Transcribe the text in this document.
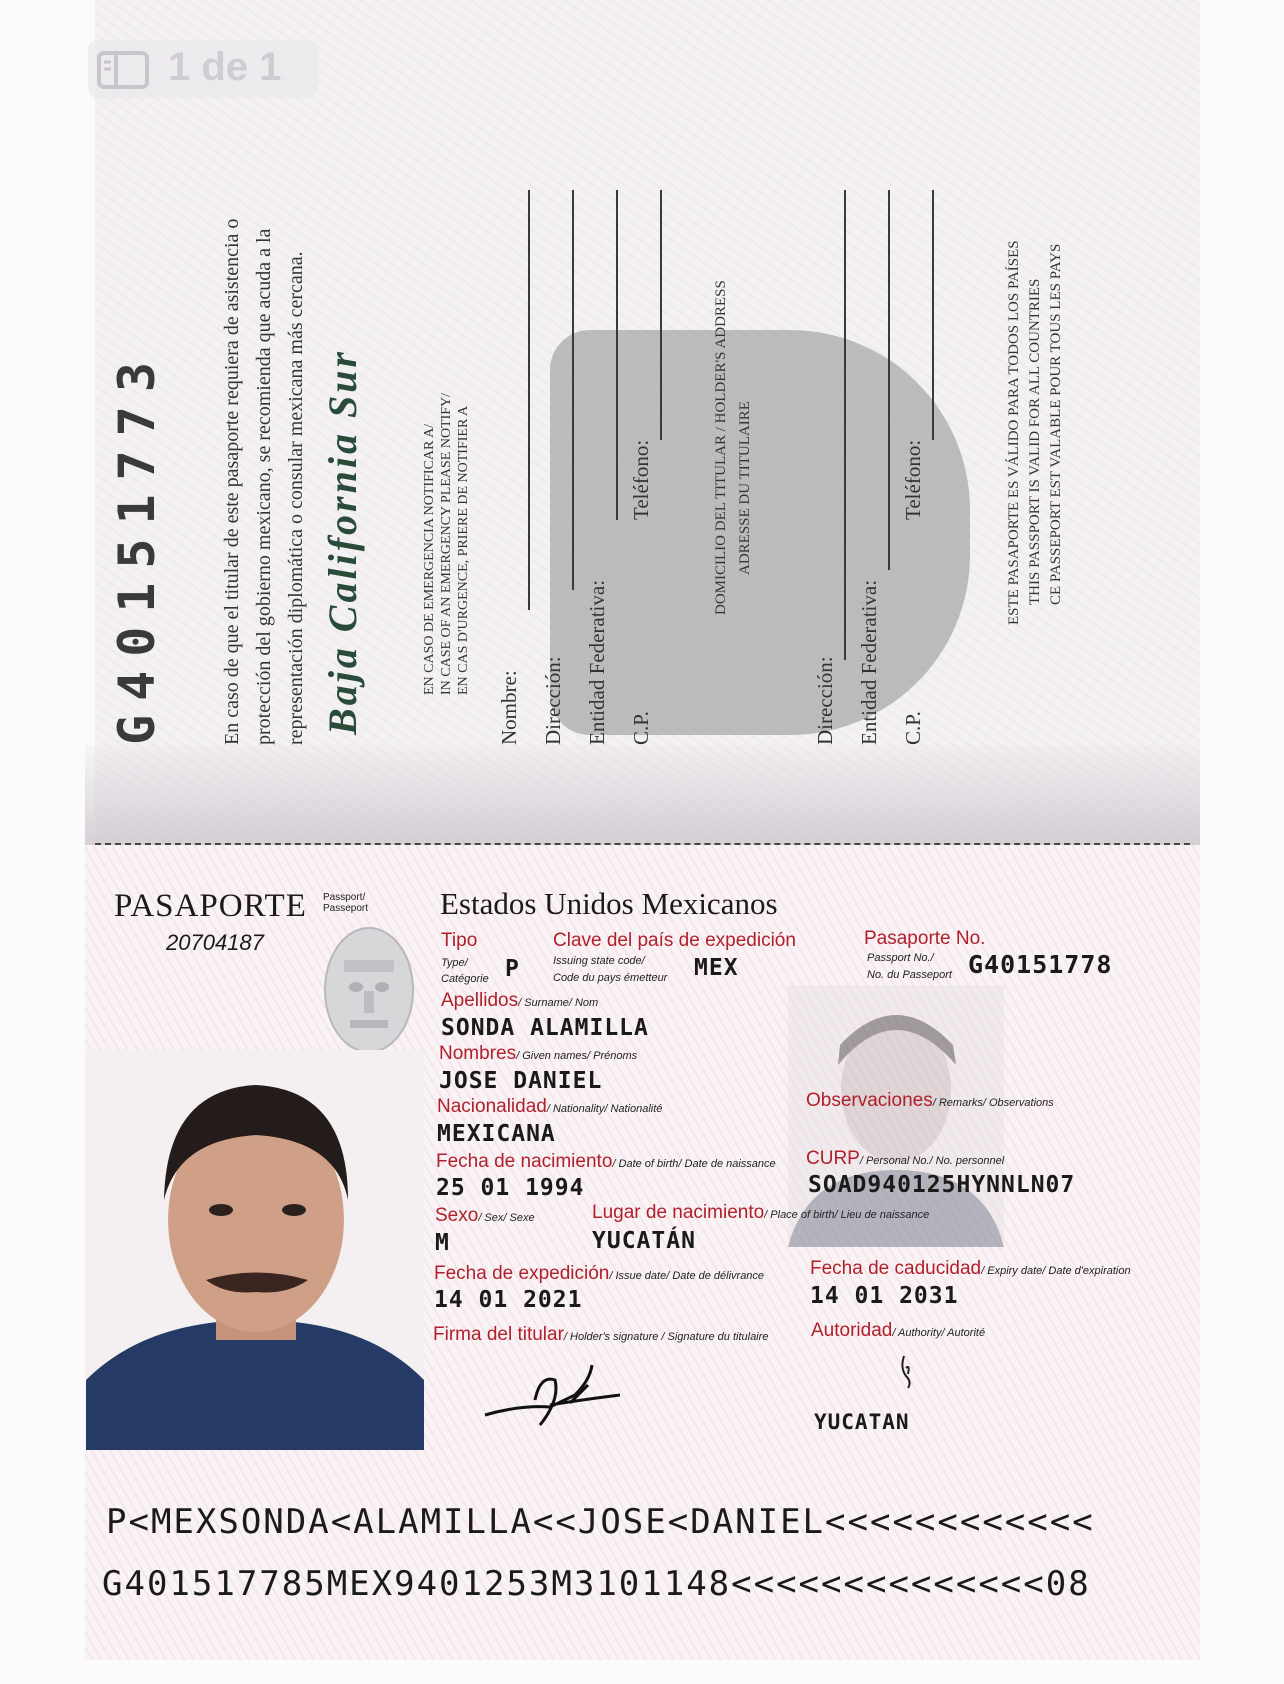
G40151773	En caso de que el titular de este pasaporte requiera de asistencia o protección del gobierno mexicano, se recomienda que acuda a la representación diplomática o consular mexicana más cercana. Baja California Sur	EN CASO DE EMERGENCIA NOTIFICAR A/ IN CASE OF AN EMERGENCY PLEASE NOTIFY/ EN CAS D'URGENCE, PRIERE DE NOTIFIER A
Nombre: Dirección: Entidad Federativa: C.P.
Teléfono:	DOMICILIO DEL TITULAR / HOLDER'S ADDRESS ADRESSE DU TITULAIRE
Dirección: Entidad Federativa: C.P.
Teléfono:	ESTE PASAPORTE ES VÁLIDO PARA TODOS LOS PAÍSES THIS PASSPORT IS VALID FOR ALL COUNTRIES CE PASSEPORT EST VALABLE POUR TOUS LES PAYS
PASAPORTE Passport/
Passeport
20704187
Estados Unidos Mexicanos
Tipo
Type/
Catégorie P
Clave del país de expedición
Issuing state code/
Code du pays émetteur MEX
Pasaporte No.
Passport No./
No. du Passeport G40151778
Apellidos/ Surname/ Nom
SONDA ALAMILLA
Nombres/ Given names/ Prénoms
JOSE DANIEL
Nacionalidad/ Nationality/ Nationalité
MEXICANA
Observaciones/ Remarks/ Observations
Fecha de nacimiento/ Date of birth/ Date de naissance
25 01 1994
CURP/ Personal No./ No. personnel
SOAD940125HYNNLN07
Sexo/ Sex/ Sexe
M
Lugar de nacimiento/ Place of birth/ Lieu de naissance
YUCATÁN
Fecha de expedición/ Issue date/ Date de délivrance
14 01 2021
Fecha de caducidad/ Expiry date/ Date d'expiration
14 01 2031
Firma del titular/ Holder's signature / Signature du titulaire Autoridad/ Authority/ Autorité
YUCATAN
P<MEXSONDA<ALAMILLA<<JOSE<DANIEL<<<<<<<<<<<<
G401517785MEX9401253M3101148<<<<<<<<<<<<<<08
1 de 1
